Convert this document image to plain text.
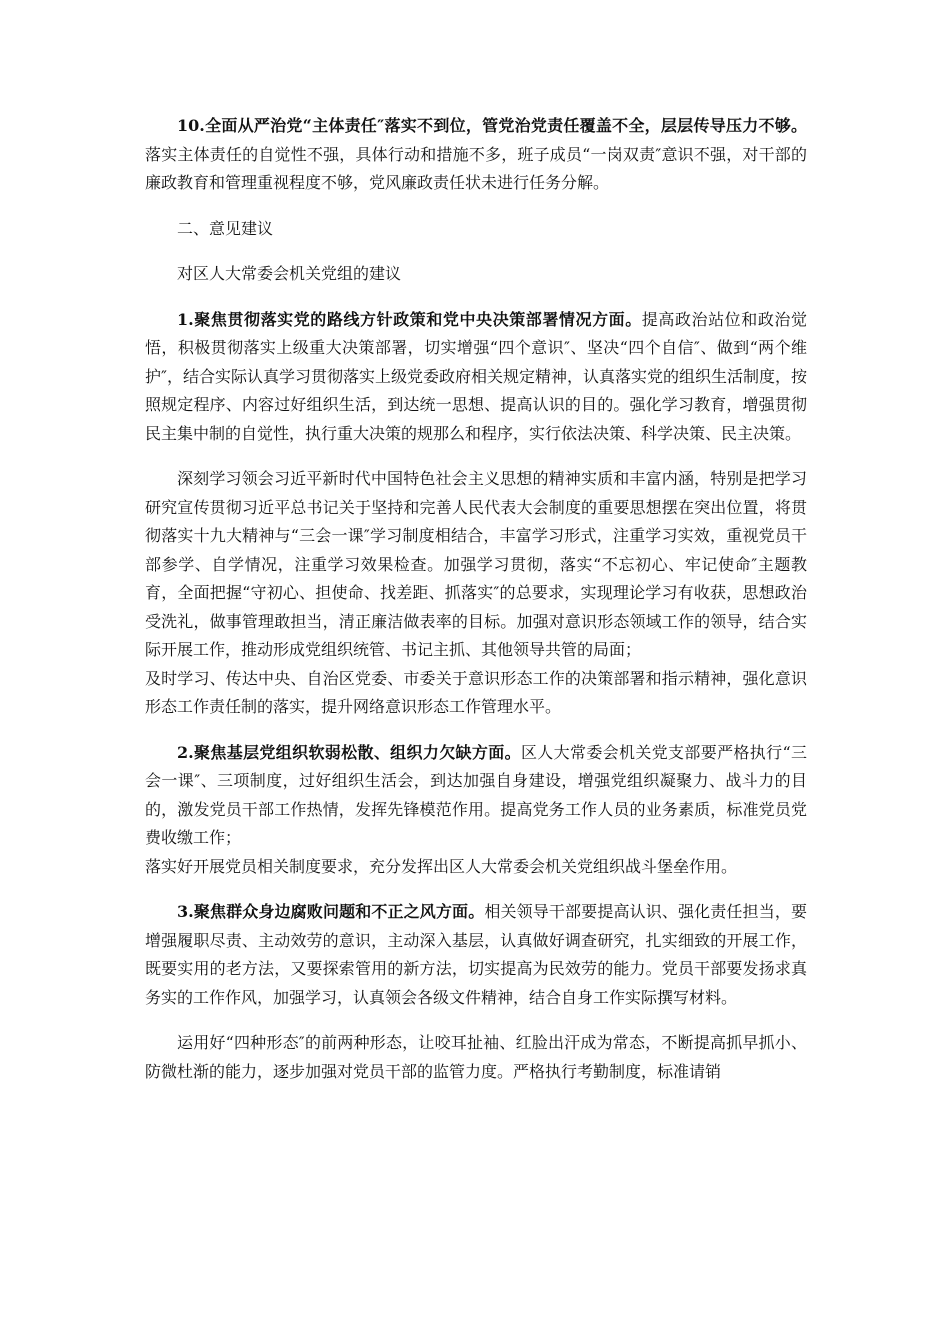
10.全面从严治党“主体责任″落实不到位，管党治党责任覆盖不全，层层传导压力不够。落实主体责任的自觉性不强，具体行动和措施不多，班子成员“一岗双责″意识不强，对干部的廉政教育和管理重视程度不够，党风廉政责任状未进行任务分解。

二、意见建议

对区人大常委会机关党组的建议

1.聚焦贯彻落实党的路线方针政策和党中央决策部署情况方面。提高政治站位和政治觉悟，积极贯彻落实上级重大决策部署，切实增强“四个意识″、坚决“四个自信″、做到“两个维护″，结合实际认真学习贯彻落实上级党委政府相关规定精神，认真落实党的组织生活制度，按照规定程序、内容过好组织生活，到达统一思想、提高认识的目的。强化学习教育，增强贯彻民主集中制的自觉性，执行重大决策的规那么和程序，实行依法决策、科学决策、民主决策。

深刻学习领会习近平新时代中国特色社会主义思想的精神实质和丰富内涵，特别是把学习研究宣传贯彻习近平总书记关于坚持和完善人民代表大会制度的重要思想摆在突出位置，将贯彻落实十九大精神与“三会一课″学习制度相结合，丰富学习形式，注重学习实效，重视党员干部参学、自学情况，注重学习效果检查。加强学习贯彻，落实“不忘初心、牢记使命″主题教育，全面把握“守初心、担使命、找差距、抓落实″的总要求，实现理论学习有收获，思想政治受洗礼，做事管理敢担当，清正廉洁做表率的目标。加强对意识形态领域工作的领导，结合实际开展工作，推动形成党组织统管、书记主抓、其他领导共管的局面；

及时学习、传达中央、自治区党委、市委关于意识形态工作的决策部署和指示精神，强化意识形态工作责任制的落实，提升网络意识形态工作管理水平。

2.聚焦基层党组织软弱松散、组织力欠缺方面。区人大常委会机关党支部要严格执行“三会一课″、三项制度，过好组织生活会，到达加强自身建设，增强党组织凝聚力、战斗力的目的，激发党员干部工作热情，发挥先锋模范作用。提高党务工作人员的业务素质，标准党员党费收缴工作；

落实好开展党员相关制度要求，充分发挥出区人大常委会机关党组织战斗堡垒作用。

3.聚焦群众身边腐败问题和不正之风方面。相关领导干部要提高认识、强化责任担当，要增强履职尽责、主动效劳的意识，主动深入基层，认真做好调查研究，扎实细致的开展工作，既要实用的老方法，又要探索管用的新方法，切实提高为民效劳的能力。党员干部要发扬求真务实的工作作风，加强学习，认真领会各级文件精神，结合自身工作实际撰写材料。

运用好“四种形态″的前两种形态，让咬耳扯袖、红脸出汗成为常态，不断提高抓早抓小、防微杜渐的能力，逐步加强对党员干部的监管力度。严格执行考勤制度，标准请销
